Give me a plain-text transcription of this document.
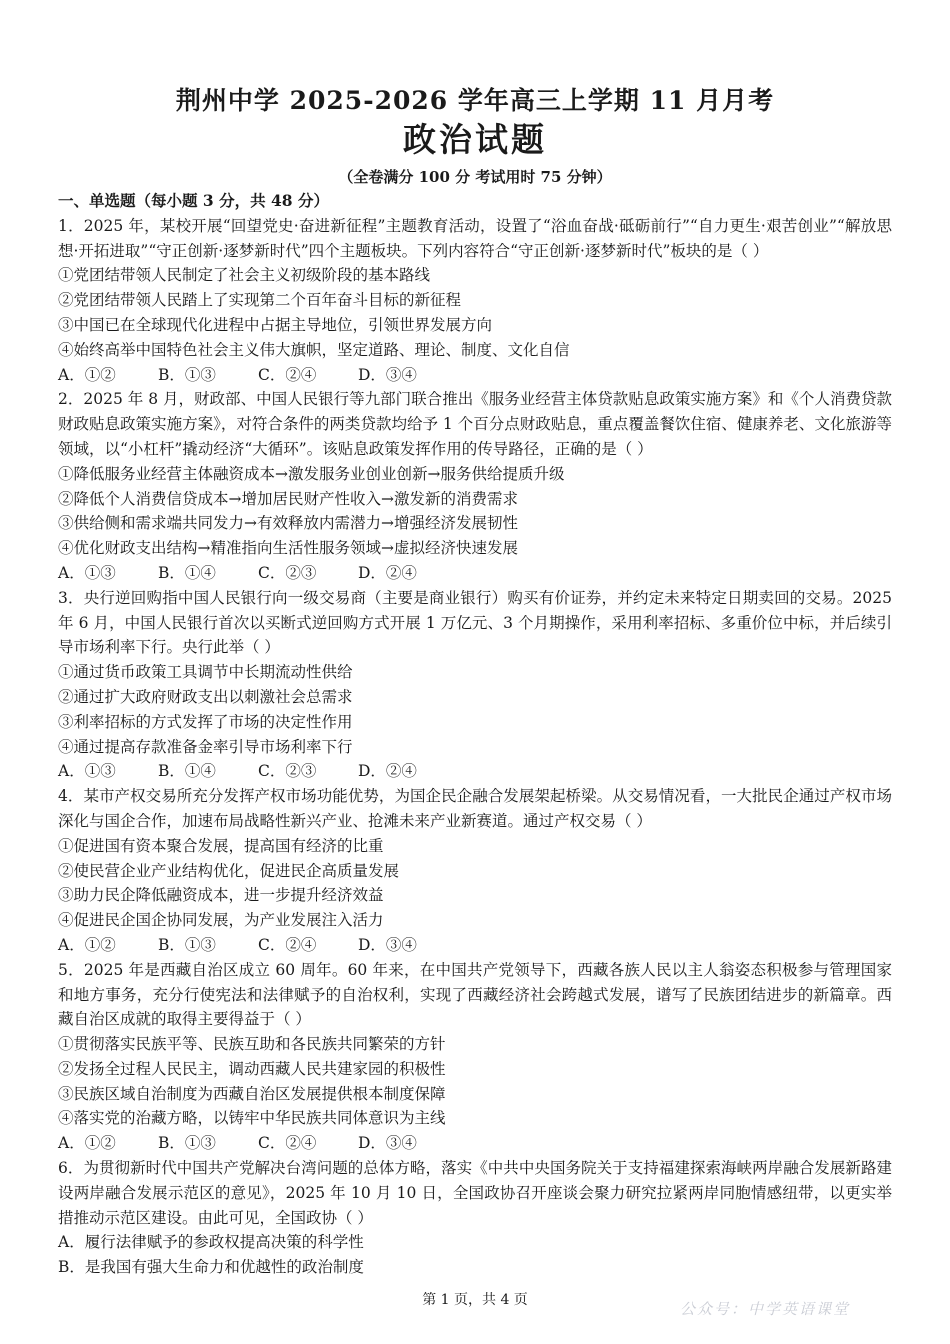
荆州中学 2025-2026 学年高三上学期 11 月月考
政治试题
（全卷满分 100 分 考试用时 75 分钟）
一、单选题（每小题 3 分，共 48 分）

1．2025 年，某校开展“回望党史·奋进新征程”主题教育活动，设置了“浴血奋战·砥砺前行”“自力更生·艰苦创业”“解放思想·开拓进取”“守正创新·逐梦新时代”四个主题板块。下列内容符合“守正创新·逐梦新时代”板块的是（ ）

①党团结带领人民制定了社会主义初级阶段的基本路线

②党团结带领人民踏上了实现第二个百年奋斗目标的新征程

③中国已在全球现代化进程中占据主导地位，引领世界发展方向

④始终高举中国特色社会主义伟大旗帜，坚定道路、理论、制度、文化自信

A．①②	B．①③	C．②④	D．③④

2．2025 年 8 月，财政部、中国人民银行等九部门联合推出《服务业经营主体贷款贴息政策实施方案》和《个人消费贷款财政贴息政策实施方案》，对符合条件的两类贷款均给予 1 个百分点财政贴息，重点覆盖餐饮住宿、健康养老、文化旅游等领域，以“小杠杆”撬动经济“大循环”。该贴息政策发挥作用的传导路径，正确的是（ ）

①降低服务业经营主体融资成本→激发服务业创业创新→服务供给提质升级

②降低个人消费信贷成本→增加居民财产性收入→激发新的消费需求

③供给侧和需求端共同发力→有效释放内需潜力→增强经济发展韧性

④优化财政支出结构→精准指向生活性服务领域→虚拟经济快速发展

A．①③	B．①④	C．②③	D．②④

3．央行逆回购指中国人民银行向一级交易商（主要是商业银行）购买有价证券，并约定未来特定日期卖回的交易。2025 年 6 月，中国人民银行首次以买断式逆回购方式开展 1 万亿元、3 个月期操作，采用利率招标、多重价位中标，并后续引导市场利率下行。央行此举（ ）

①通过货币政策工具调节中长期流动性供给

②通过扩大政府财政支出以刺激社会总需求

③利率招标的方式发挥了市场的决定性作用

④通过提高存款准备金率引导市场利率下行

A．①③	B．①④	C．②③	D．②④

4．某市产权交易所充分发挥产权市场功能优势，为国企民企融合发展架起桥梁。从交易情况看，一大批民企通过产权市场深化与国企合作，加速布局战略性新兴产业、抢滩未来产业新赛道。通过产权交易（ ）

①促进国有资本聚合发展，提高国有经济的比重

②使民营企业产业结构优化，促进民企高质量发展

③助力民企降低融资成本，进一步提升经济效益

④促进民企国企协同发展，为产业发展注入活力

A．①②	B．①③	C．②④	D．③④

5．2025 年是西藏自治区成立 60 周年。60 年来，在中国共产党领导下，西藏各族人民以主人翁姿态积极参与管理国家和地方事务，充分行使宪法和法律赋予的自治权利，实现了西藏经济社会跨越式发展，谱写了民族团结进步的新篇章。西藏自治区成就的取得主要得益于（ ）

①贯彻落实民族平等、民族互助和各民族共同繁荣的方针

②发扬全过程人民民主，调动西藏人民共建家园的积极性

③民族区域自治制度为西藏自治区发展提供根本制度保障

④落实党的治藏方略，以铸牢中华民族共同体意识为主线

A．①②	B．①③	C．②④	D．③④

6．为贯彻新时代中国共产党解决台湾问题的总体方略，落实《中共中央国务院关于支持福建探索海峡两岸融合发展新路建设两岸融合发展示范区的意见》，2025 年 10 月 10 日，全国政协召开座谈会聚力研究拉紧两岸同胞情感纽带，以更实举措推动示范区建设。由此可见，全国政协（ ）

A．履行法律赋予的参政权提高决策的科学性

B．是我国有强大生命力和优越性的政治制度

第 1 页，共 4 页	公众号：中学英语课堂
